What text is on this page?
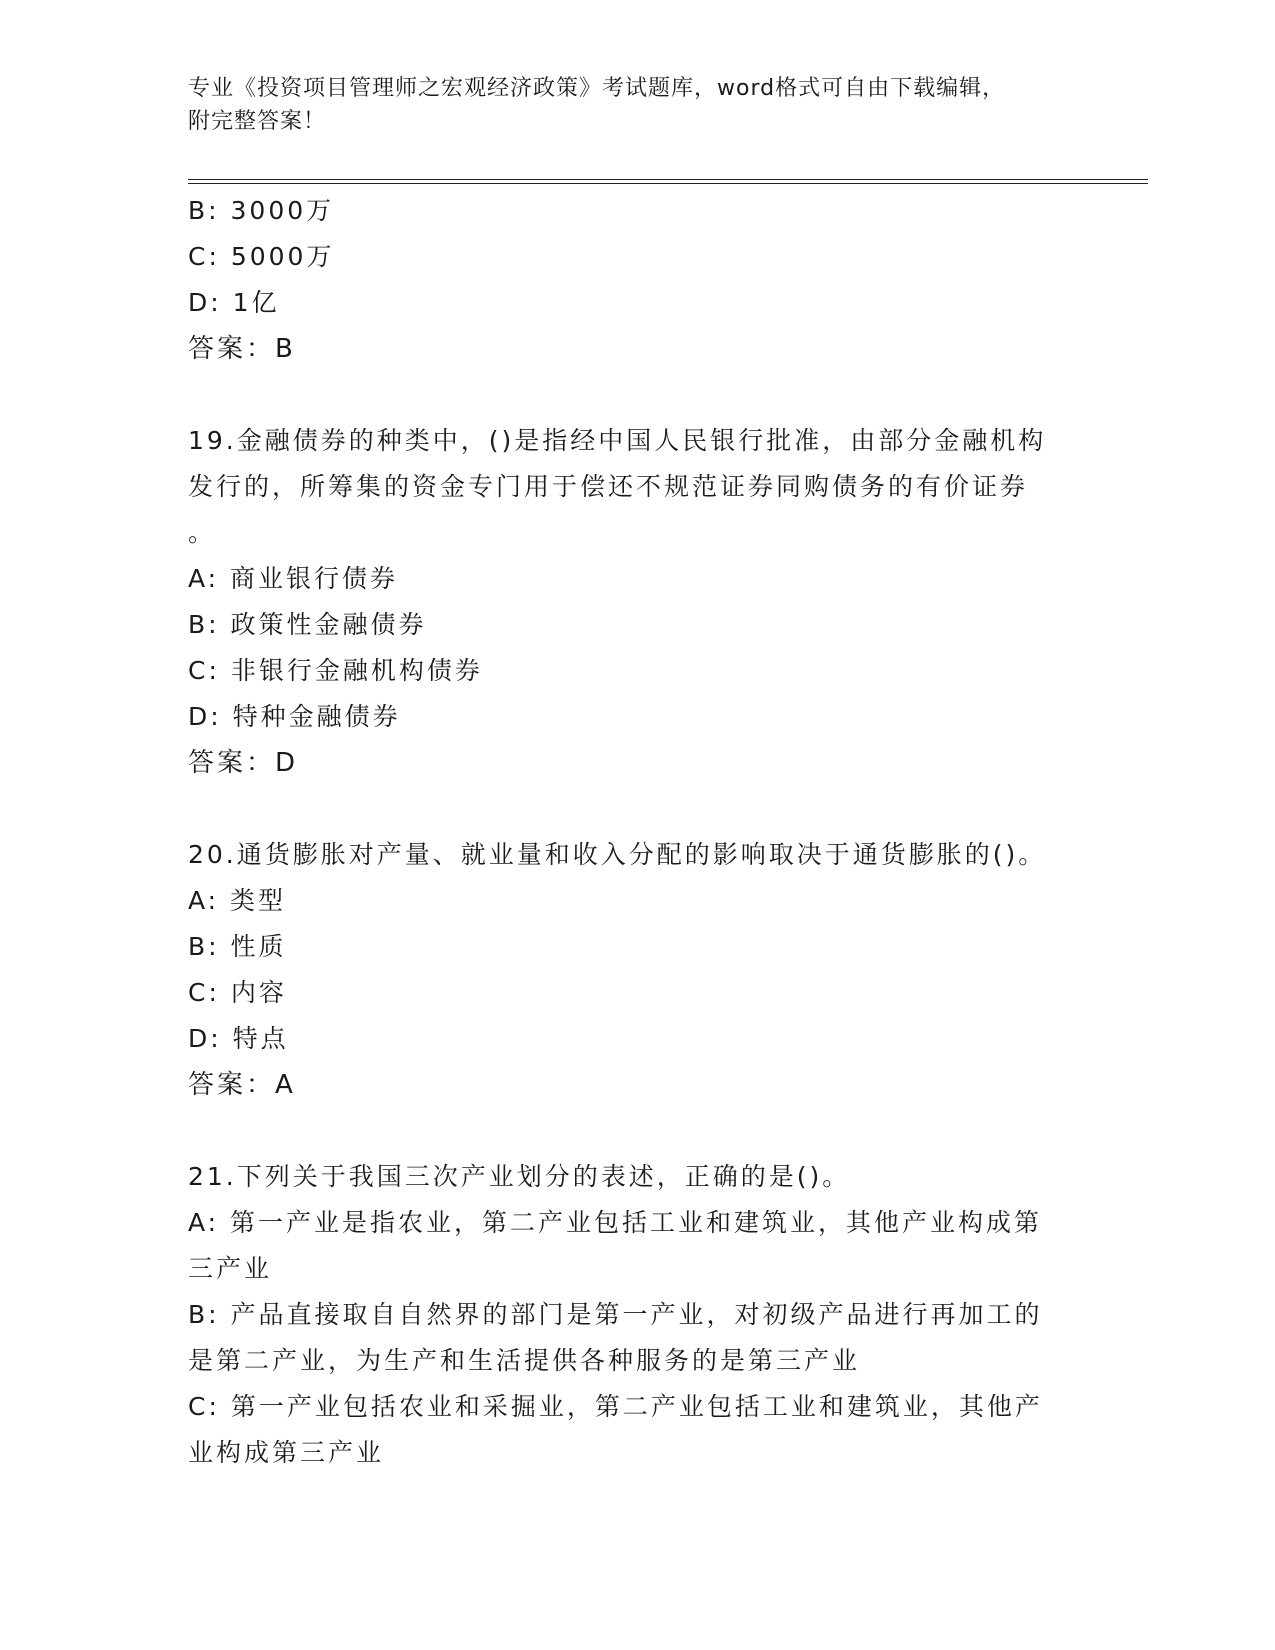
专业《投资项目管理师之宏观经济政策》考试题库，word格式可自由下载编辑，
附完整答案！
B: 3000万
C: 5000万
D: 1亿
答案：B
19.金融债券的种类中，()是指经中国人民银行批准，由部分金融机构
发行的，所筹集的资金专门用于偿还不规范证券同购债务的有价证券
。
A: 商业银行债券
B: 政策性金融债券
C: 非银行金融机构债券
D: 特种金融债券
答案：D
20.通货膨胀对产量、就业量和收入分配的影响取决于通货膨胀的()。
A: 类型
B: 性质
C: 内容
D: 特点
答案：A
21.下列关于我国三次产业划分的表述，正确的是()。
A: 第一产业是指农业，第二产业包括工业和建筑业，其他产业构成第
三产业
B: 产品直接取自自然界的部门是第一产业，对初级产品进行再加工的
是第二产业，为生产和生活提供各种服务的是第三产业
C: 第一产业包括农业和采掘业，第二产业包括工业和建筑业，其他产
业构成第三产业
